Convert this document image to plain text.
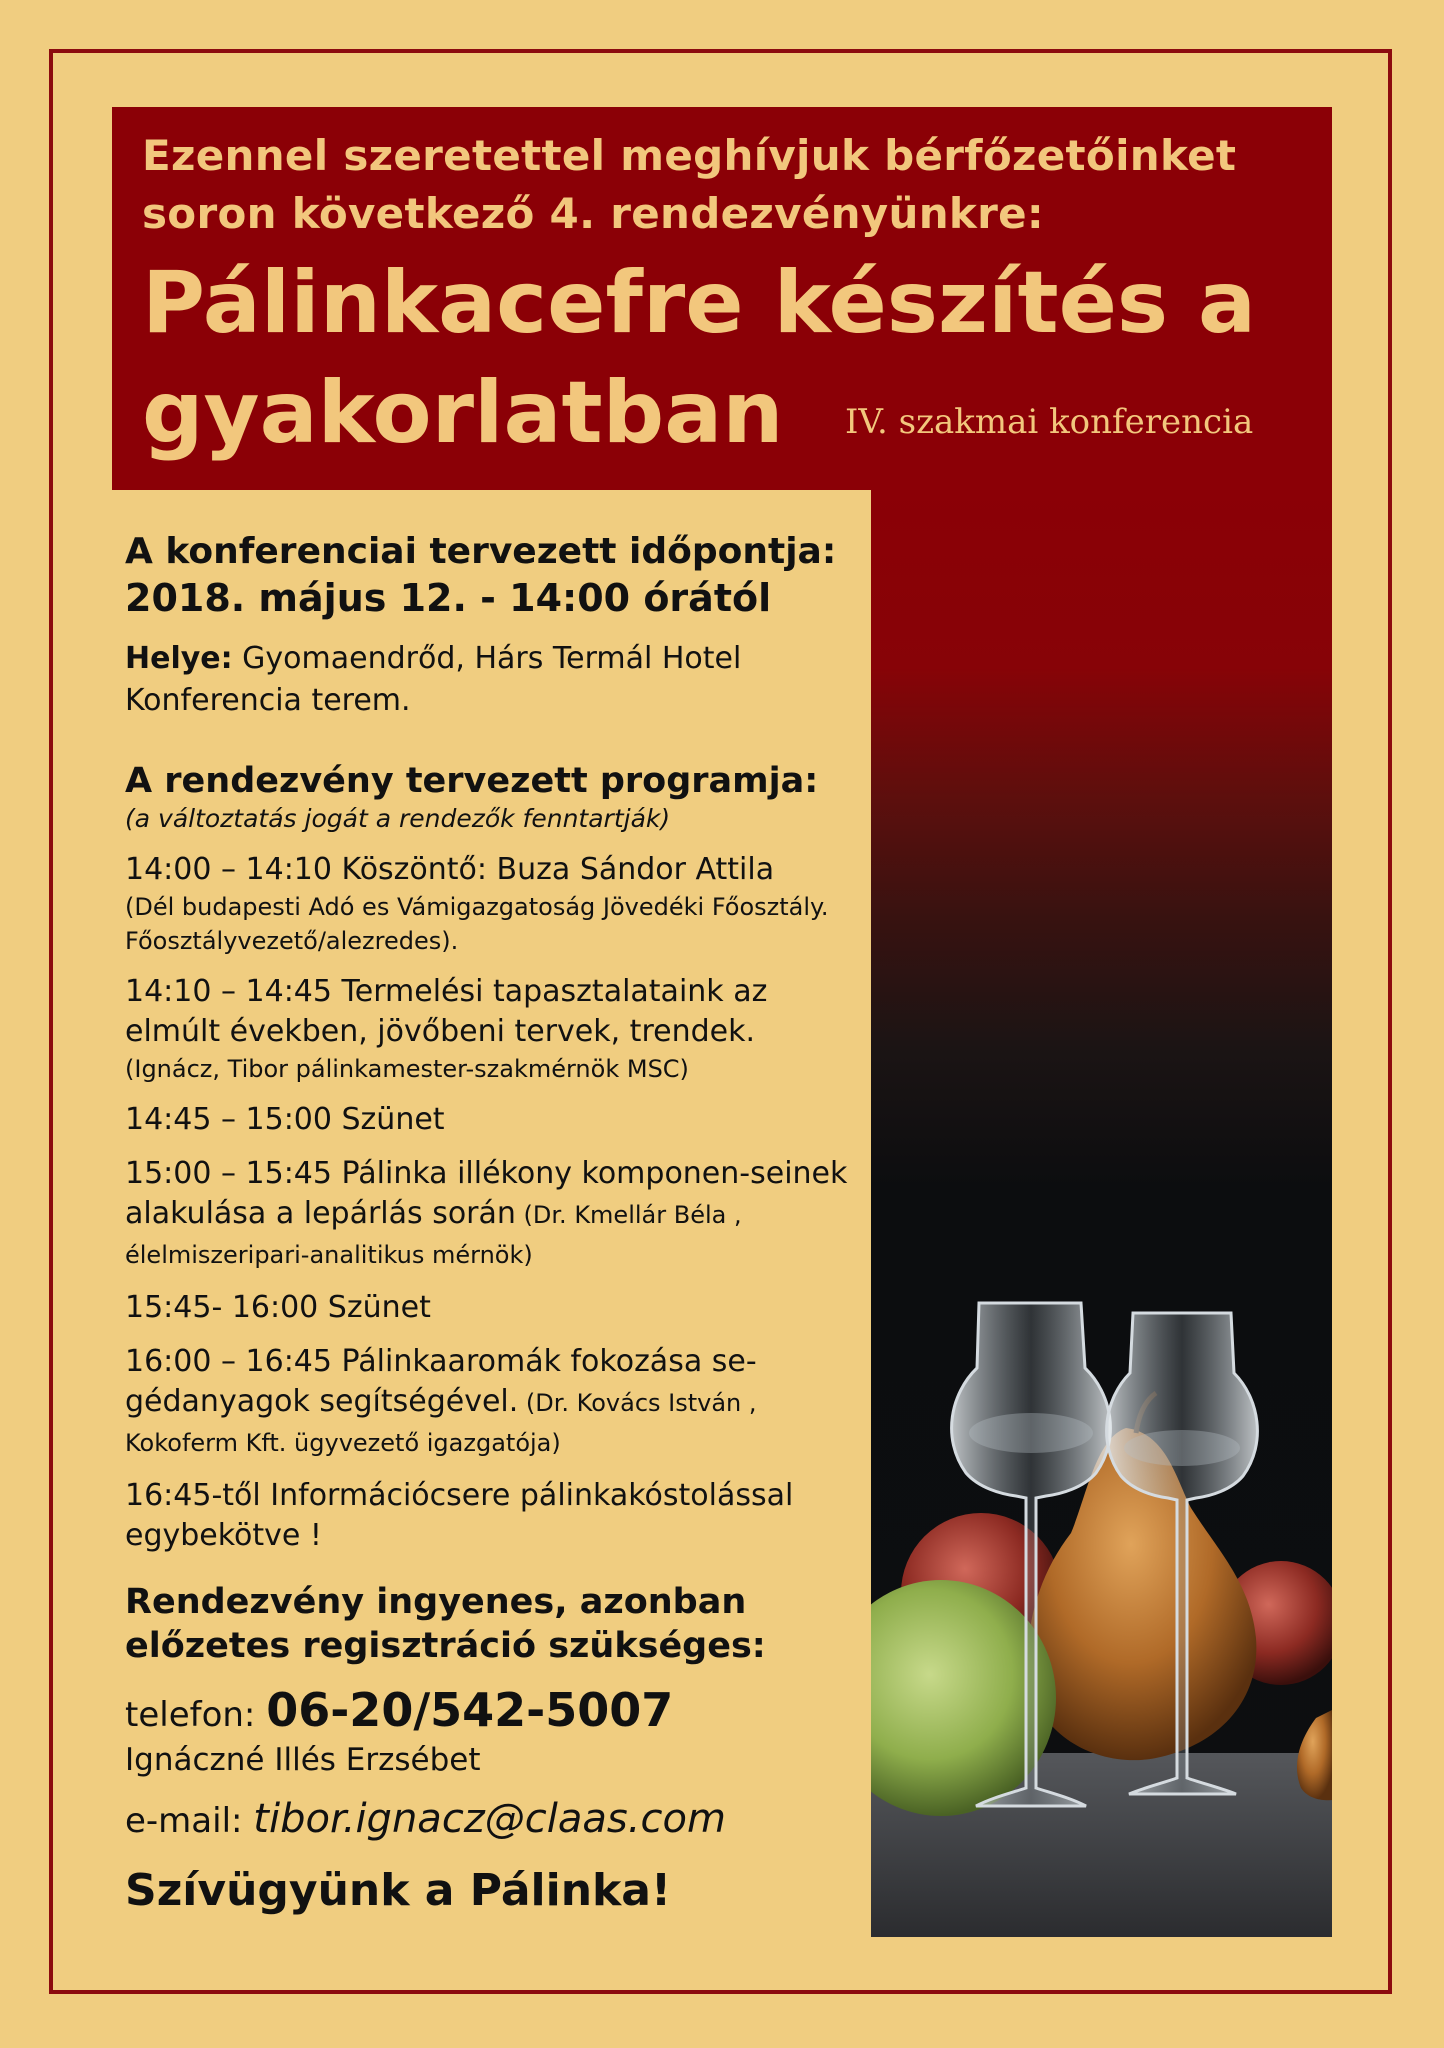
Ezennel szeretettel meghívjuk bérfőzetőinket

soron következő 4. rendezvényünkre:

Pálinkacefre készítés a

gyakorlatban	IV. szakmai konferencia

A konferenciai tervezett időpontja:

2018. május 12. - 14:00 órától

Helye: Gyomaendrőd, Hárs Termál Hotel
Konferencia terem.

A rendezvény tervezett programja:

(a változtatás jogát a rendezők fenntartják)

14:00 – 14:10 Köszöntő: Buza Sándor Attila
(Dél budapesti Adó es Vámigazgatoság Jövedéki Főosztály. Főosztályvezető/alezredes).

14:10 – 14:45 Termelési tapasztalataink az elmúlt években, jövőbeni tervek, trendek.
(Ignácz, Tibor pálinkamester-szakmérnök MSC)

14:45 – 15:00 Szünet

15:00 – 15:45 Pálinka illékony komponen-seinek alakulása a lepárlás során (Dr. Kmellár Béla , élelmiszeripari-analitikus mérnök)

15:45- 16:00 Szünet

16:00 – 16:45 Pálinkaaromák fokozása se-gédanyagok segítségével. (Dr. Kovács István , Kokoferm Kft. ügyvezető igazgatója)

16:45-től Információcsere pálinkakóstolással egybekötve !

Rendezvény ingyenes, azonban
előzetes regisztráció szükséges:

telefon: 06-20/542-5007

Ignáczné Illés Erzsébet

e-mail: tibor.ignacz@claas.com

Szívügyünk a Pálinka!
